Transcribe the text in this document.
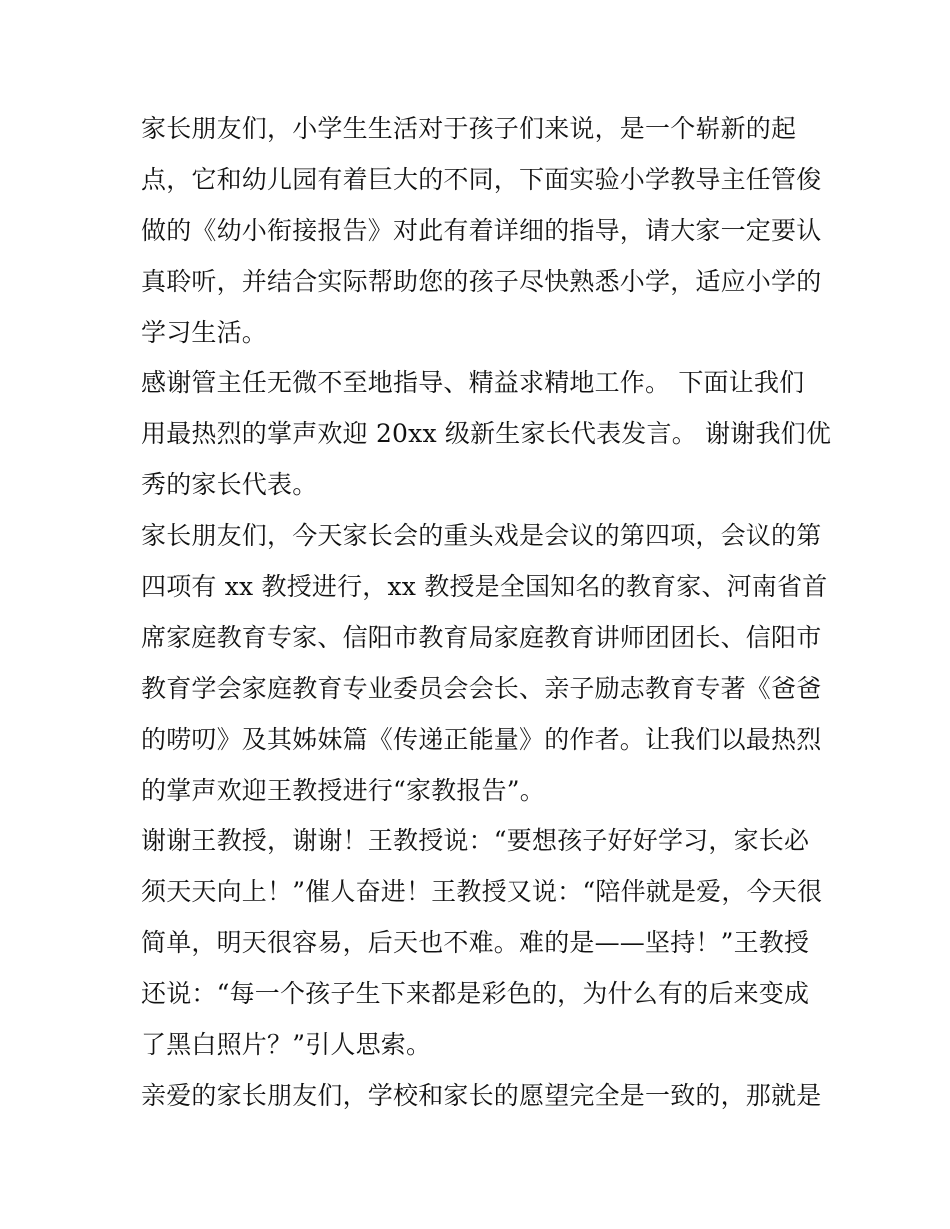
家长朋友们，小学生生活对于孩子们来说，是一个崭新的起
点，它和幼儿园有着巨大的不同，下面实验小学教导主任管俊
做的《幼小衔接报告》对此有着详细的指导，请大家一定要认
真聆听，并结合实际帮助您的孩子尽快熟悉小学，适应小学的
学习生活。
感谢管主任无微不至地指导、精益求精地工作。 下面让我们
用最热烈的掌声欢迎 20xx 级新生家长代表发言。 谢谢我们优
秀的家长代表。
家长朋友们，今天家长会的重头戏是会议的第四项，会议的第
四项有 xx 教授进行，xx 教授是全国知名的教育家、河南省首
席家庭教育专家、信阳市教育局家庭教育讲师团团长、信阳市
教育学会家庭教育专业委员会会长、亲子励志教育专著《爸爸
的唠叨》及其姊妹篇《传递正能量》的作者。让我们以最热烈
的掌声欢迎王教授进行“家教报告”。
谢谢王教授，谢谢！王教授说：“要想孩子好好学习，家长必
须天天向上！”催人奋进！王教授又说：“陪伴就是爱，今天很
简单，明天很容易，后天也不难。难的是——坚持！”王教授
还说：“每一个孩子生下来都是彩色的，为什么有的后来变成
了黑白照片？”引人思索。
亲爱的家长朋友们，学校和家长的愿望完全是一致的，那就是
